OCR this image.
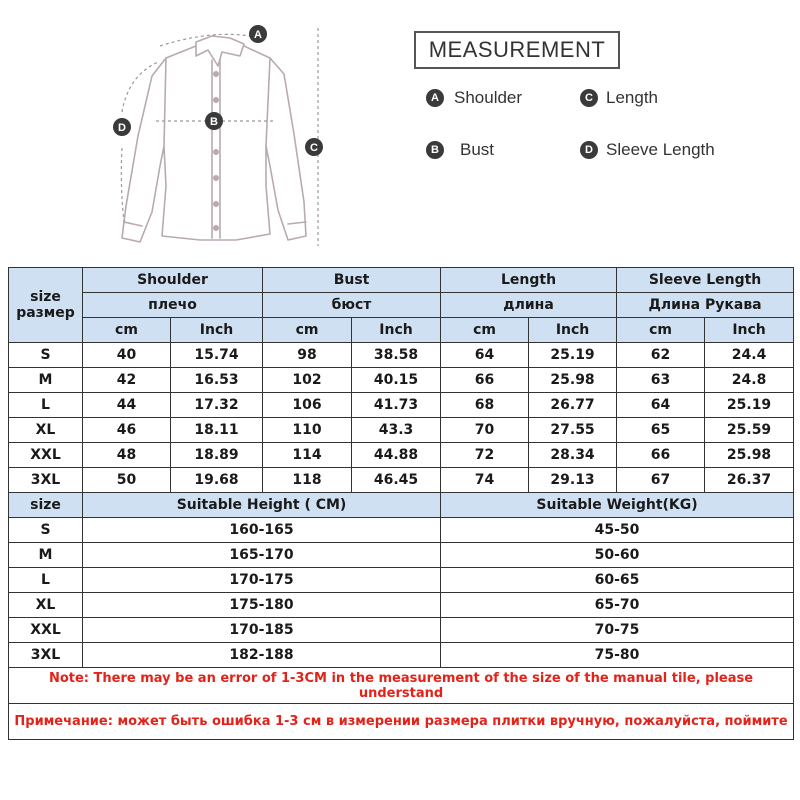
A
B
C
D
MEASUREMENT
A Shoulder
B Bust
C Length
D Sleeve Length
size
размер	Shoulder		Bust		Length		Sleeve Length	
	плечо		бюст		длина		Длина Рукава	
	cm	Inch	cm	Inch	cm	Inch	cm	Inch
S	40	15.74	98	38.58	64	25.19	62	24.4
M	42	16.53	102	40.15	66	25.98	63	24.8
L	44	17.32	106	41.73	68	26.77	64	25.19
XL	46	18.11	110	43.3	70	27.55	65	25.59
XXL	48	18.89	114	44.88	72	28.34	66	25.98
3XL	50	19.68	118	46.45	74	29.13	67	26.37
size	Suitable Height ( CM)				Suitable Weight(KG)			
S	160-165				45-50			
M	165-170				50-60			
L	170-175				60-65			
XL	175-180				65-70			
XXL	170-185				70-75			
3XL	182-188				75-80			
Note: There may be an error of 1-3CM in the measurement of the size of the manual tile, please understand								
Примечание: может быть ошибка 1-3 см в измерении размера плитки вручную, пожалуйста, поймите								
